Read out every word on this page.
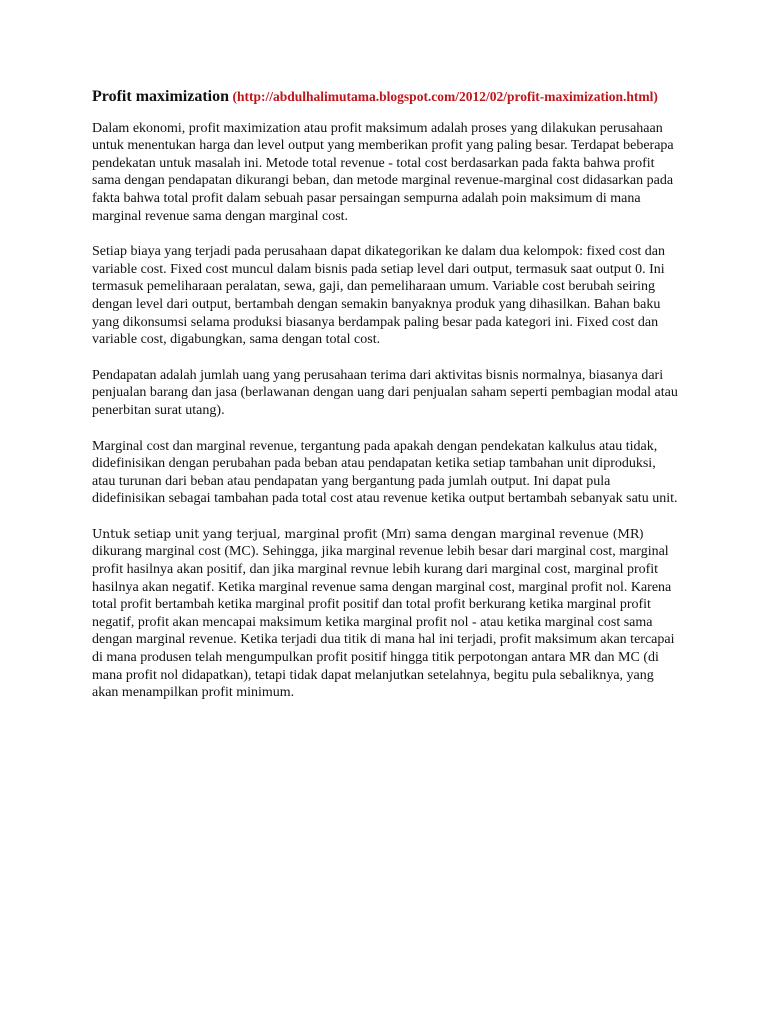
Profit maximization (http://abdulhalimutama.blogspot.com/2012/02/profit-maximization.html)

Dalam ekonomi, profit maximization atau profit maksimum adalah proses yang dilakukan perusahaan untuk menentukan harga dan level output yang memberikan profit yang paling besar. Terdapat beberapa pendekatan untuk masalah ini. Metode total revenue - total cost berdasarkan pada fakta bahwa profit sama dengan pendapatan dikurangi beban, dan metode marginal revenue-marginal cost didasarkan pada fakta bahwa total profit dalam sebuah pasar persaingan sempurna adalah poin maksimum di mana marginal revenue sama dengan marginal cost.

Setiap biaya yang terjadi pada perusahaan dapat dikategorikan ke dalam dua kelompok: fixed cost dan variable cost. Fixed cost muncul dalam bisnis pada setiap level dari output, termasuk saat output 0. Ini termasuk pemeliharaan peralatan, sewa, gaji, dan pemeliharaan umum. Variable cost berubah seiring dengan level dari output, bertambah dengan semakin banyaknya produk yang dihasilkan. Bahan baku yang dikonsumsi selama produksi biasanya berdampak paling besar pada kategori ini. Fixed cost dan variable cost, digabungkan, sama dengan total cost.

Pendapatan adalah jumlah uang yang perusahaan terima dari aktivitas bisnis normalnya, biasanya dari penjualan barang dan jasa (berlawanan dengan uang dari penjualan saham seperti pembagian modal atau penerbitan surat utang).

Marginal cost dan marginal revenue, tergantung pada apakah dengan pendekatan kalkulus atau tidak, didefinisikan dengan perubahan pada beban atau pendapatan ketika setiap tambahan unit diproduksi, atau turunan dari beban atau pendapatan yang bergantung pada jumlah output. Ini dapat pula didefinisikan sebagai tambahan pada total cost atau revenue ketika output bertambah sebanyak satu unit.

Untuk setiap unit yang terjual, marginal profit (Mπ) sama dengan marginal revenue (MR) dikurang marginal cost (MC). Sehingga, jika marginal revenue lebih besar dari marginal cost, marginal profit hasilnya akan positif, dan jika marginal revnue lebih kurang dari marginal cost, marginal profit hasilnya akan negatif. Ketika marginal revenue sama dengan marginal cost, marginal profit nol. Karena total profit bertambah ketika marginal profit positif dan total profit berkurang ketika marginal profit negatif, profit akan mencapai maksimum ketika marginal profit nol - atau ketika marginal cost sama dengan marginal revenue. Ketika terjadi dua titik di mana hal ini terjadi, profit maksimum akan tercapai di mana produsen telah mengumpulkan profit positif hingga titik perpotongan antara MR dan MC (di mana profit nol didapatkan), tetapi tidak dapat melanjutkan setelahnya, begitu pula sebaliknya, yang akan menampilkan profit minimum.
